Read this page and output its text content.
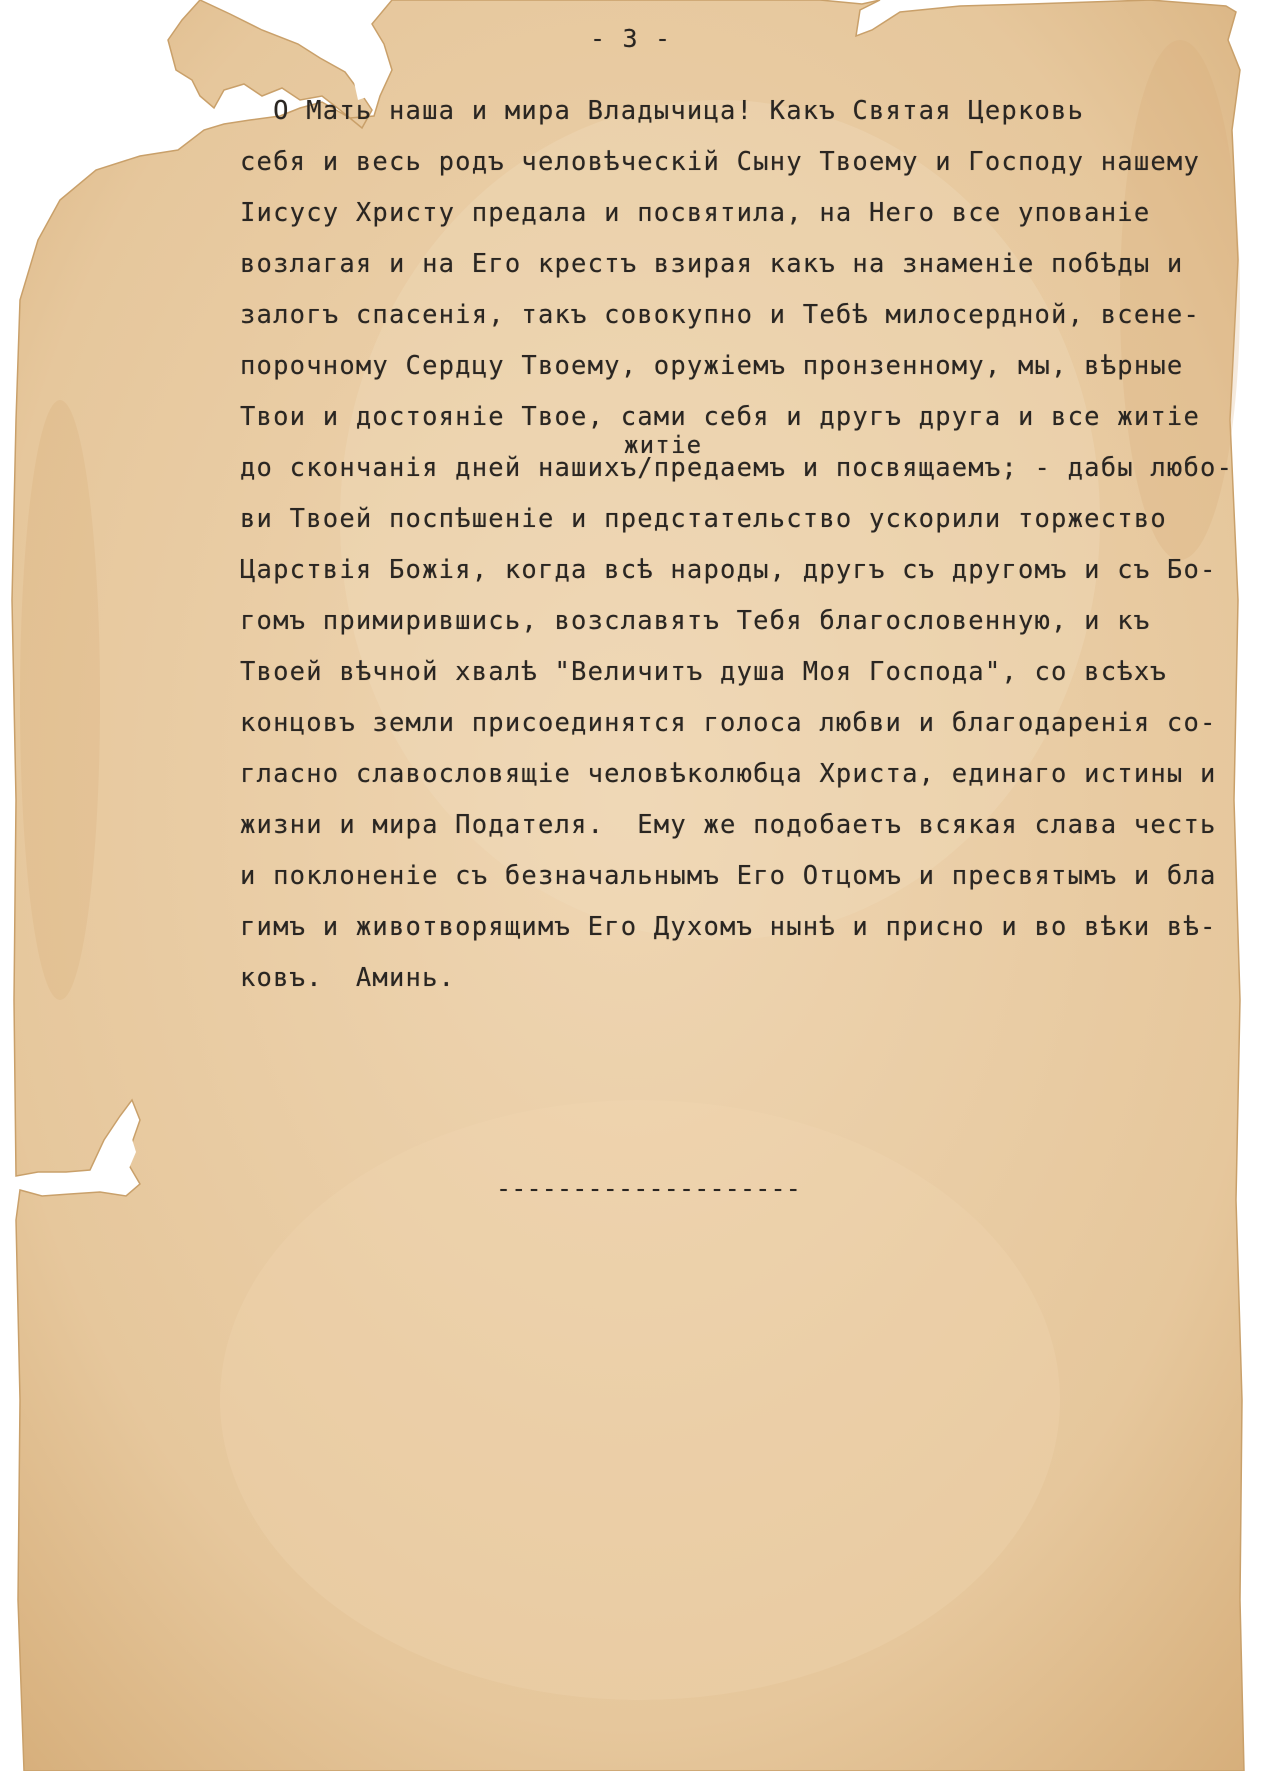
- 3 -

О Мать наша и мира Владычица! Какъ Святая Церковь

себя и весь родъ человѣческій Сыну Твоему и Господу нашему

Іисусу Христу предала и посвятила, на Него все упованіе

возлагая и на Его крестъ взирая какъ на знаменіе побѣды и

залогъ спасенія, такъ совокупно и Тебѣ милосердной, всене-

порочному Сердцу Твоему, оружіемъ пронзенному, мы, вѣрные

Твои и достояніе Твое, сами себя и другъ друга и все житіе

житіе

до скончанія дней нашихъ/предаемъ и посвящаемъ; - дабы любо-

ви Твоей поспѣшеніе и предстательство ускорили торжество

Царствія Божія, когда всѣ народы, другъ съ другомъ и съ Бо-

гомъ примирившись, возславятъ Тебя благословенную, и къ

Твоей вѣчной хвалѣ "Величитъ душа Моя Господа", со всѣхъ

концовъ земли присоединятся голоса любви и благодаренія со-

гласно славословящіе человѣколюбца Христа, единаго истины и

жизни и мира Подателя.  Ему же подобаетъ всякая слава честь

и поклоненіе съ безначальнымъ Его Отцомъ и пресвятымъ и бла

гимъ и животворящимъ Его Духомъ нынѣ и присно и во вѣки вѣ-

ковъ.  Аминь.

--------------------
